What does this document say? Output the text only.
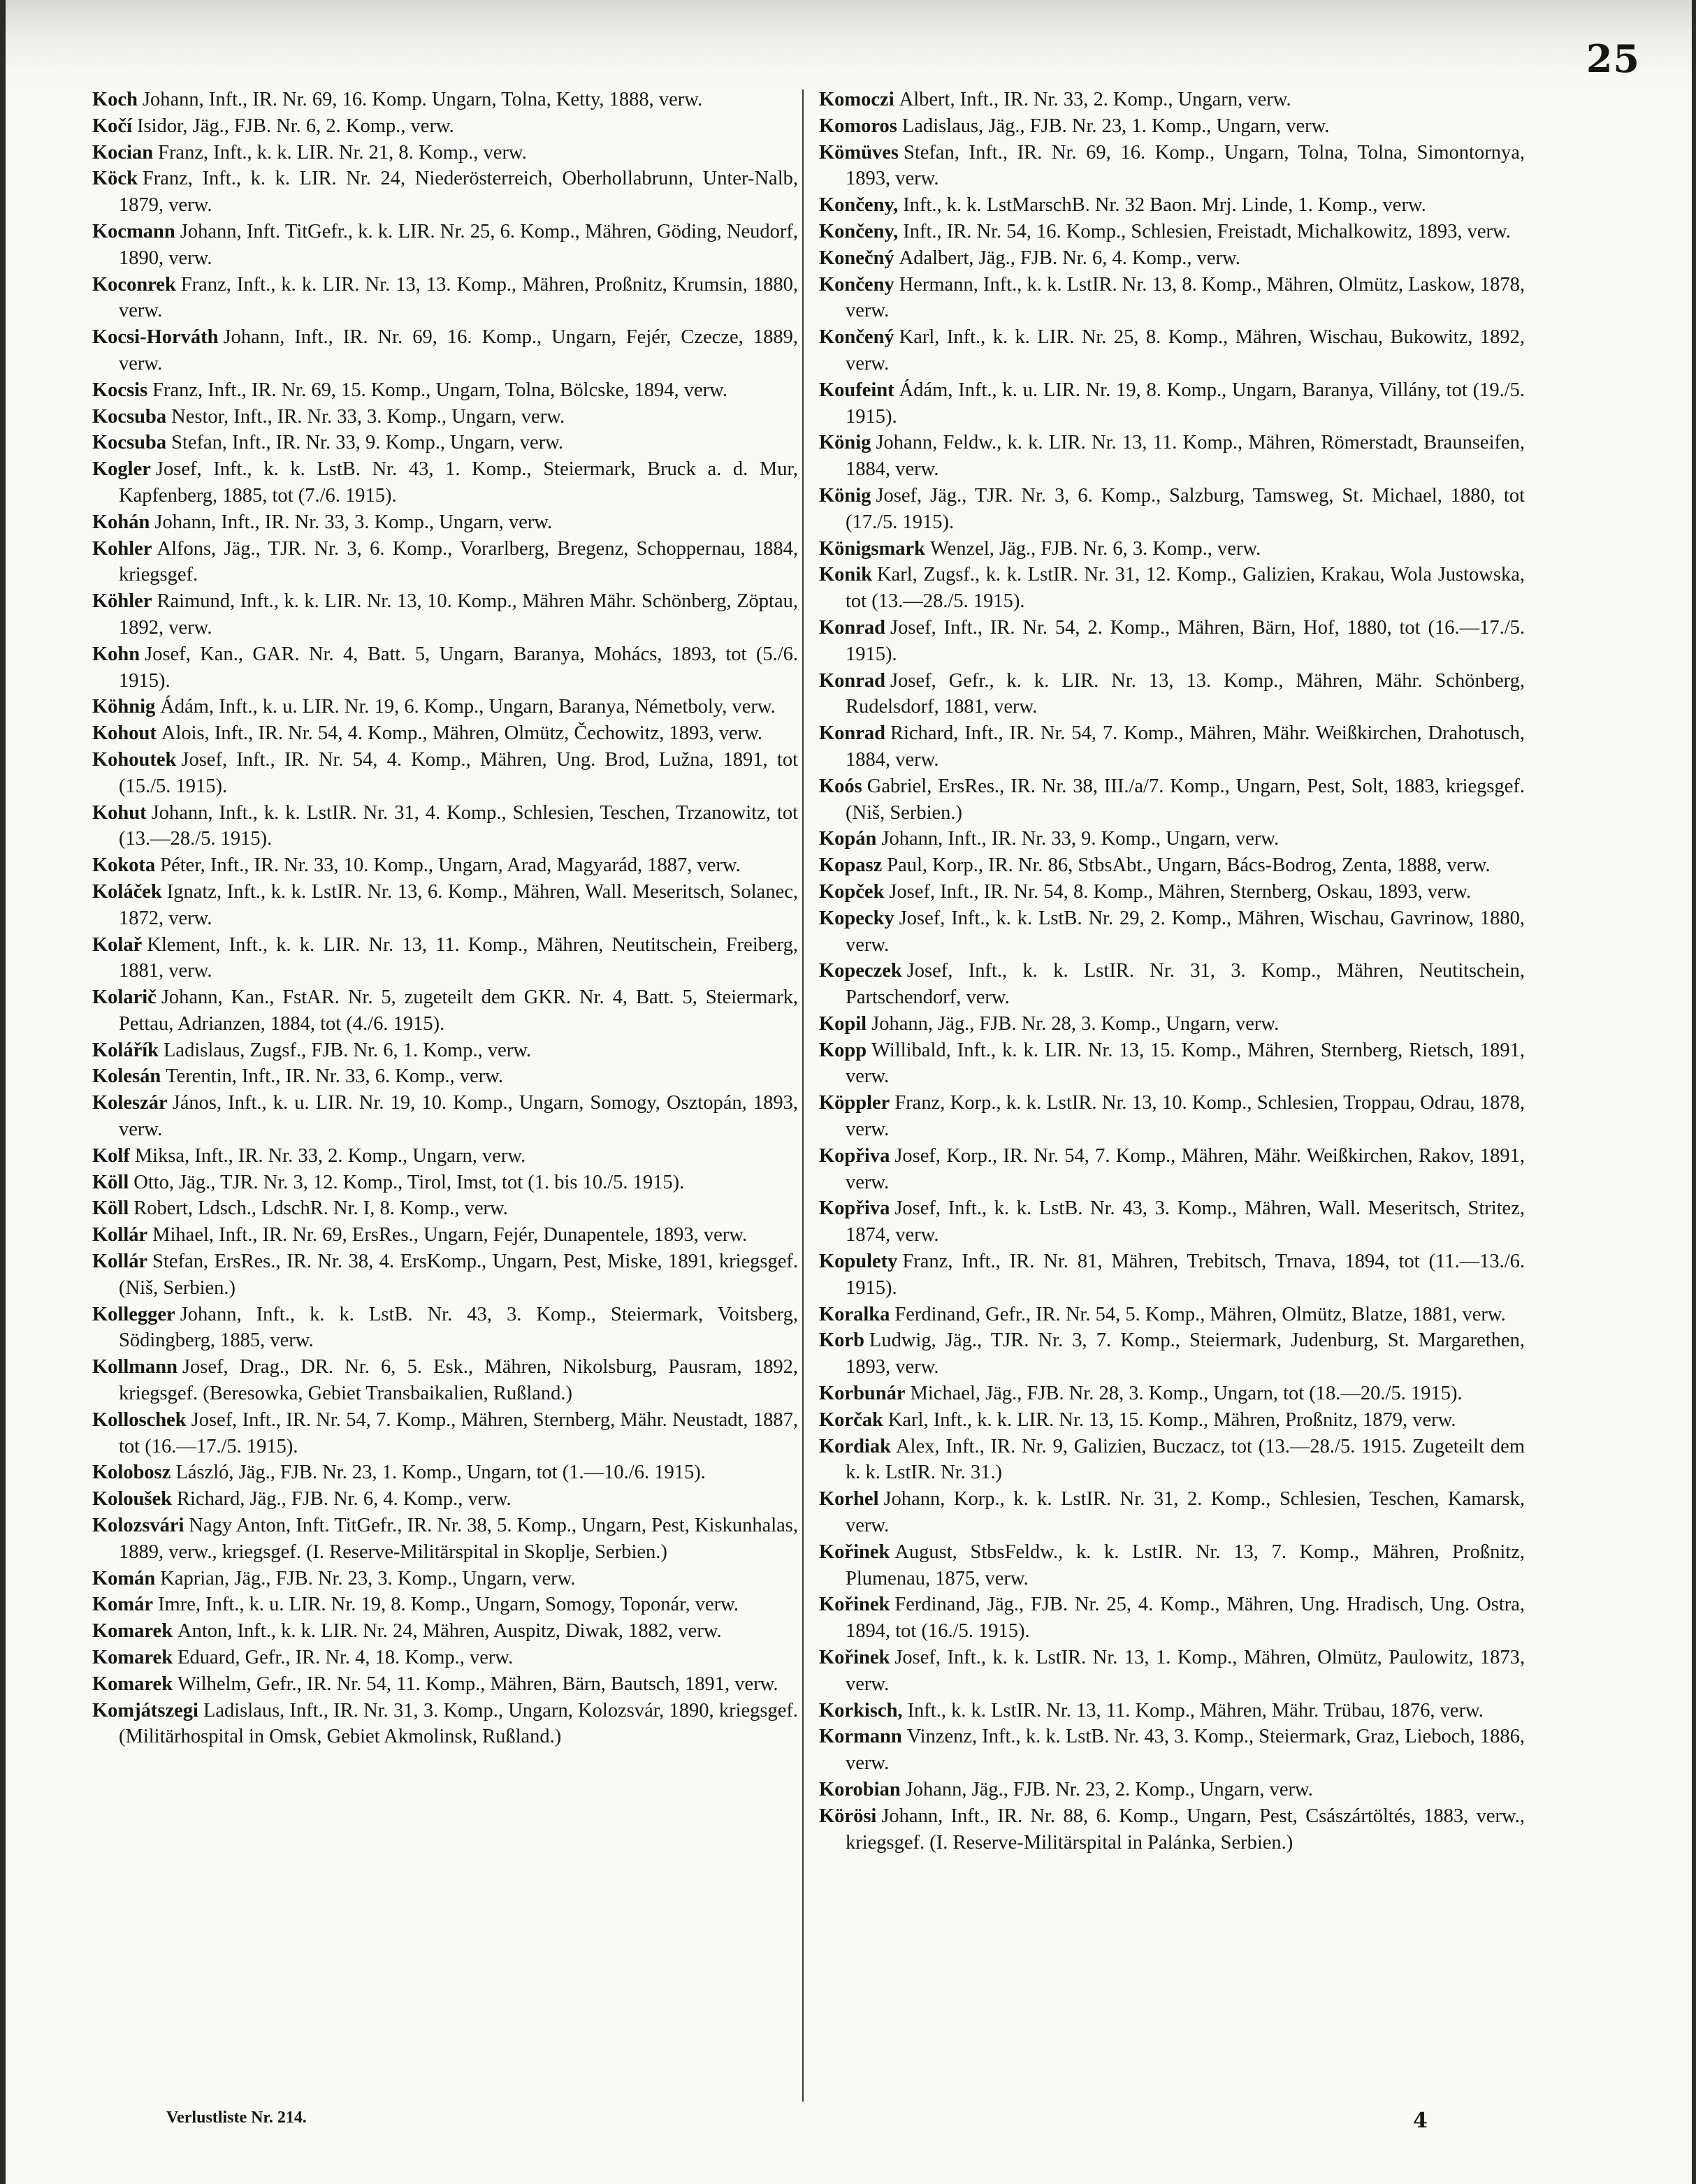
25
Koch Johann, Inft., IR. Nr. 69, 16. Komp. Ungarn, Tolna, Ketty, 1888, verw.
Kočí Isidor, Jäg., FJB. Nr. 6, 2. Komp., verw.
Kocian Franz, Inft., k. k. LIR. Nr. 21, 8. Komp., verw.
Köck Franz, Inft., k. k. LIR. Nr. 24, Niederösterreich, Oberhollabrunn, Unter-Nalb, 1879, verw.
Kocmann Johann, Inft. TitGefr., k. k. LIR. Nr. 25, 6. Komp., Mähren, Göding, Neudorf, 1890, verw.
Koconrek Franz, Inft., k. k. LIR. Nr. 13, 13. Komp., Mähren, Proßnitz, Krumsin, 1880, verw.
Kocsi-Horváth Johann, Inft., IR. Nr. 69, 16. Komp., Ungarn, Fejér, Czecze, 1889, verw.
Kocsis Franz, Inft., IR. Nr. 69, 15. Komp., Ungarn, Tolna, Bölcske, 1894, verw.
Kocsuba Nestor, Inft., IR. Nr. 33, 3. Komp., Ungarn, verw.
Kocsuba Stefan, Inft., IR. Nr. 33, 9. Komp., Ungarn, verw.
Kogler Josef, Inft., k. k. LstB. Nr. 43, 1. Komp., Steiermark, Bruck a. d. Mur, Kapfenberg, 1885, tot (7./6. 1915).
Kohán Johann, Inft., IR. Nr. 33, 3. Komp., Ungarn, verw.
Kohler Alfons, Jäg., TJR. Nr. 3, 6. Komp., Vorarlberg, Bregenz, Schoppernau, 1884, kriegsgef.
Köhler Raimund, Inft., k. k. LIR. Nr. 13, 10. Komp., Mähren Mähr. Schönberg, Zöptau, 1892, verw.
Kohn Josef, Kan., GAR. Nr. 4, Batt. 5, Ungarn, Baranya, Mohács, 1893, tot (5./6. 1915).
Köhnig Ádám, Inft., k. u. LIR. Nr. 19, 6. Komp., Ungarn, Baranya, Németboly, verw.
Kohout Alois, Inft., IR. Nr. 54, 4. Komp., Mähren, Olmütz, Čechowitz, 1893, verw.
Kohoutek Josef, Inft., IR. Nr. 54, 4. Komp., Mähren, Ung. Brod, Lužna, 1891, tot (15./5. 1915).
Kohut Johann, Inft., k. k. LstIR. Nr. 31, 4. Komp., Schlesien, Teschen, Trzanowitz, tot (13.—28./5. 1915).
Kokota Péter, Inft., IR. Nr. 33, 10. Komp., Ungarn, Arad, Magyarád, 1887, verw.
Koláček Ignatz, Inft., k. k. LstIR. Nr. 13, 6. Komp., Mähren, Wall. Meseritsch, Solanec, 1872, verw.
Kolař Klement, Inft., k. k. LIR. Nr. 13, 11. Komp., Mähren, Neutitschein, Freiberg, 1881, verw.
Kolarič Johann, Kan., FstAR. Nr. 5, zugeteilt dem GKR. Nr. 4, Batt. 5, Steiermark, Pettau, Adrianzen, 1884, tot (4./6. 1915).
Kolářík Ladislaus, Zugsf., FJB. Nr. 6, 1. Komp., verw.
Kolesán Terentin, Inft., IR. Nr. 33, 6. Komp., verw.
Koleszár János, Inft., k. u. LIR. Nr. 19, 10. Komp., Ungarn, Somogy, Osztopán, 1893, verw.
Kolf Miksa, Inft., IR. Nr. 33, 2. Komp., Ungarn, verw.
Köll Otto, Jäg., TJR. Nr. 3, 12. Komp., Tirol, Imst, tot (1. bis 10./5. 1915).
Köll Robert, Ldsch., LdschR. Nr. I, 8. Komp., verw.
Kollár Mihael, Inft., IR. Nr. 69, ErsRes., Ungarn, Fejér, Dunapentele, 1893, verw.
Kollár Stefan, ErsRes., IR. Nr. 38, 4. ErsKomp., Ungarn, Pest, Miske, 1891, kriegsgef. (Niš, Serbien.)
Kollegger Johann, Inft., k. k. LstB. Nr. 43, 3. Komp., Steiermark, Voitsberg, Södingberg, 1885, verw.
Kollmann Josef, Drag., DR. Nr. 6, 5. Esk., Mähren, Nikolsburg, Pausram, 1892, kriegsgef. (Beresowka, Gebiet Transbaikalien, Rußland.)
Kolloschek Josef, Inft., IR. Nr. 54, 7. Komp., Mähren, Sternberg, Mähr. Neustadt, 1887, tot (16.—17./5. 1915).
Kolobosz László, Jäg., FJB. Nr. 23, 1. Komp., Ungarn, tot (1.—10./6. 1915).
Koloušek Richard, Jäg., FJB. Nr. 6, 4. Komp., verw.
Kolozsvári Nagy Anton, Inft. TitGefr., IR. Nr. 38, 5. Komp., Ungarn, Pest, Kiskunhalas, 1889, verw., kriegsgef. (I. Reserve-Militärspital in Skoplje, Serbien.)
Komán Kaprian, Jäg., FJB. Nr. 23, 3. Komp., Ungarn, verw.
Komár Imre, Inft., k. u. LIR. Nr. 19, 8. Komp., Ungarn, Somogy, Toponár, verw.
Komarek Anton, Inft., k. k. LIR. Nr. 24, Mähren, Auspitz, Diwak, 1882, verw.
Komarek Eduard, Gefr., IR. Nr. 4, 18. Komp., verw.
Komarek Wilhelm, Gefr., IR. Nr. 54, 11. Komp., Mähren, Bärn, Bautsch, 1891, verw.
Komjátszegi Ladislaus, Inft., IR. Nr. 31, 3. Komp., Ungarn, Kolozsvár, 1890, kriegsgef. (Militärhospital in Omsk, Gebiet Akmolinsk, Rußland.)
Komoczi Albert, Inft., IR. Nr. 33, 2. Komp., Ungarn, verw.
Komoros Ladislaus, Jäg., FJB. Nr. 23, 1. Komp., Ungarn, verw.
Kömüves Stefan, Inft., IR. Nr. 69, 16. Komp., Ungarn, Tolna, Tolna, Simontornya, 1893, verw.
Končeny, Inft., k. k. LstMarschB. Nr. 32 Baon. Mrj. Linde, 1. Komp., verw.
Končeny, Inft., IR. Nr. 54, 16. Komp., Schlesien, Freistadt, Michalkowitz, 1893, verw.
Konečný Adalbert, Jäg., FJB. Nr. 6, 4. Komp., verw.
Končeny Hermann, Inft., k. k. LstIR. Nr. 13, 8. Komp., Mähren, Olmütz, Laskow, 1878, verw.
Končený Karl, Inft., k. k. LIR. Nr. 25, 8. Komp., Mähren, Wischau, Bukowitz, 1892, verw.
Koufeint Ádám, Inft., k. u. LIR. Nr. 19, 8. Komp., Ungarn, Baranya, Villány, tot (19./5. 1915).
König Johann, Feldw., k. k. LIR. Nr. 13, 11. Komp., Mähren, Römerstadt, Braunseifen, 1884, verw.
König Josef, Jäg., TJR. Nr. 3, 6. Komp., Salzburg, Tamsweg, St. Michael, 1880, tot (17./5. 1915).
Königsmark Wenzel, Jäg., FJB. Nr. 6, 3. Komp., verw.
Konik Karl, Zugsf., k. k. LstIR. Nr. 31, 12. Komp., Galizien, Krakau, Wola Justowska, tot (13.—28./5. 1915).
Konrad Josef, Inft., IR. Nr. 54, 2. Komp., Mähren, Bärn, Hof, 1880, tot (16.—17./5. 1915).
Konrad Josef, Gefr., k. k. LIR. Nr. 13, 13. Komp., Mähren, Mähr. Schönberg, Rudelsdorf, 1881, verw.
Konrad Richard, Inft., IR. Nr. 54, 7. Komp., Mähren, Mähr. Weißkirchen, Drahotusch, 1884, verw.
Koós Gabriel, ErsRes., IR. Nr. 38, III./a/7. Komp., Ungarn, Pest, Solt, 1883, kriegsgef. (Niš, Serbien.)
Kopán Johann, Inft., IR. Nr. 33, 9. Komp., Ungarn, verw.
Kopasz Paul, Korp., IR. Nr. 86, StbsAbt., Ungarn, Bács-Bodrog, Zenta, 1888, verw.
Kopček Josef, Inft., IR. Nr. 54, 8. Komp., Mähren, Sternberg, Oskau, 1893, verw.
Kopecky Josef, Inft., k. k. LstB. Nr. 29, 2. Komp., Mähren, Wischau, Gavrinow, 1880, verw.
Kopeczek Josef, Inft., k. k. LstIR. Nr. 31, 3. Komp., Mähren, Neutitschein, Partschendorf, verw.
Kopil Johann, Jäg., FJB. Nr. 28, 3. Komp., Ungarn, verw.
Kopp Willibald, Inft., k. k. LIR. Nr. 13, 15. Komp., Mähren, Sternberg, Rietsch, 1891, verw.
Köppler Franz, Korp., k. k. LstIR. Nr. 13, 10. Komp., Schlesien, Troppau, Odrau, 1878, verw.
Kopřiva Josef, Korp., IR. Nr. 54, 7. Komp., Mähren, Mähr. Weißkirchen, Rakov, 1891, verw.
Kopřiva Josef, Inft., k. k. LstB. Nr. 43, 3. Komp., Mähren, Wall. Meseritsch, Stritez, 1874, verw.
Kopulety Franz, Inft., IR. Nr. 81, Mähren, Trebitsch, Trnava, 1894, tot (11.—13./6. 1915).
Koralka Ferdinand, Gefr., IR. Nr. 54, 5. Komp., Mähren, Olmütz, Blatze, 1881, verw.
Korb Ludwig, Jäg., TJR. Nr. 3, 7. Komp., Steiermark, Judenburg, St. Margarethen, 1893, verw.
Korbunár Michael, Jäg., FJB. Nr. 28, 3. Komp., Ungarn, tot (18.—20./5. 1915).
Korčak Karl, Inft., k. k. LIR. Nr. 13, 15. Komp., Mähren, Proßnitz, 1879, verw.
Kordiak Alex, Inft., IR. Nr. 9, Galizien, Buczacz, tot (13.—28./5. 1915. Zugeteilt dem k. k. LstIR. Nr. 31.)
Korhel Johann, Korp., k. k. LstIR. Nr. 31, 2. Komp., Schlesien, Teschen, Kamarsk, verw.
Kořinek August, StbsFeldw., k. k. LstIR. Nr. 13, 7. Komp., Mähren, Proßnitz, Plumenau, 1875, verw.
Kořinek Ferdinand, Jäg., FJB. Nr. 25, 4. Komp., Mähren, Ung. Hradisch, Ung. Ostra, 1894, tot (16./5. 1915).
Kořinek Josef, Inft., k. k. LstIR. Nr. 13, 1. Komp., Mähren, Olmütz, Paulowitz, 1873, verw.
Korkisch, Inft., k. k. LstIR. Nr. 13, 11. Komp., Mähren, Mähr. Trübau, 1876, verw.
Kormann Vinzenz, Inft., k. k. LstB. Nr. 43, 3. Komp., Steiermark, Graz, Lieboch, 1886, verw.
Korobian Johann, Jäg., FJB. Nr. 23, 2. Komp., Ungarn, verw.
Körösi Johann, Inft., IR. Nr. 88, 6. Komp., Ungarn, Pest, Császártöltés, 1883, verw., kriegsgef. (I. Reserve-Militärspital in Palánka, Serbien.)
Verlustliste Nr. 214.	4
